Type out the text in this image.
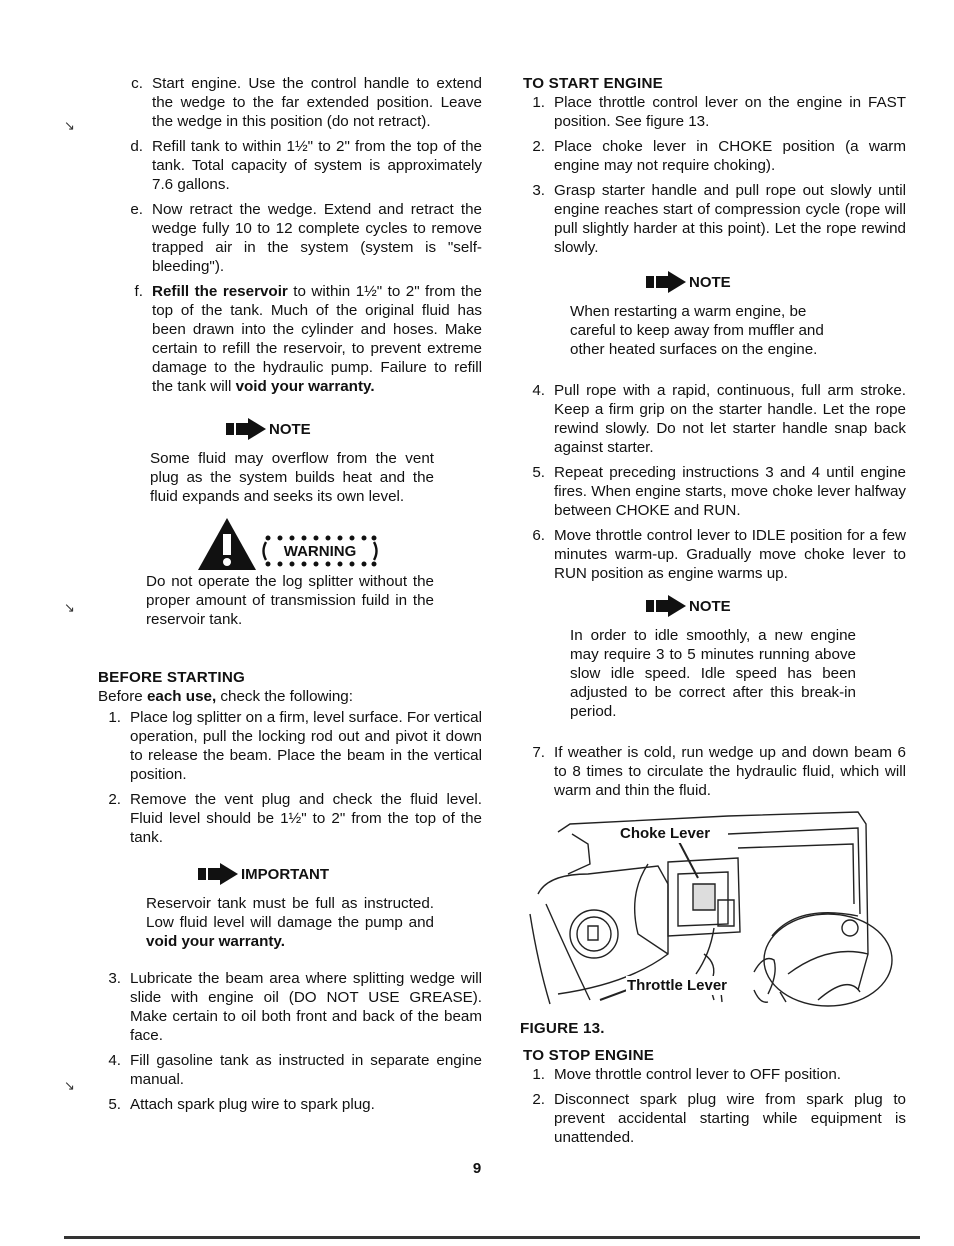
↘
↘
↘
c. Start engine. Use the control handle to extend the wedge to the far extended position. Leave the wedge in this position (do not retract).
d. Refill tank to within 1½" to 2" from the top of the tank. Total capacity of system is approximately 7.6 gallons.
e. Now retract the wedge. Extend and retract the wedge fully 10 to 12 complete cycles to remove trapped air in the system (system is "self-bleeding").
f. Refill the reservoir to within 1½" to 2" from the top of the tank. Much of the original fluid has been drawn into the cylinder and hoses. Make certain to refill the reservoir, to prevent extreme damage to the hydraulic pump. Failure to refill the tank will void your warranty.
NOTE
Some fluid may overflow from the vent plug as the system builds heat and the fluid expands and seeks its own level.
WARNING
Do not operate the log splitter without the proper amount of transmission fuild in the reservoir tank.
BEFORE STARTING
Before each use, check the following:
1. Place log splitter on a firm, level surface. For vertical operation, pull the locking rod out and pivot it down to release the beam. Place the beam in the vertical position.
2. Remove the vent plug and check the fluid level. Fluid level should be 1½" to 2" from the top of the tank.
IMPORTANT
Reservoir tank must be full as instructed. Low fluid level will damage the pump and void your warranty.
3. Lubricate the beam area where splitting wedge will slide with engine oil (DO NOT USE GREASE). Make certain to oil both front and back of the beam face.
4. Fill gasoline tank as instructed in separate engine manual.
5. Attach spark plug wire to spark plug.
TO START ENGINE
1. Place throttle control lever on the engine in FAST position. See figure 13.
2. Place choke lever in CHOKE position (a warm engine may not require choking).
3. Grasp starter handle and pull rope out slowly until engine reaches start of compression cycle (rope will pull slightly harder at this point). Let the rope rewind slowly.
NOTE
When restarting a warm engine, be careful to keep away from muffler and other heated surfaces on the engine.
4. Pull rope with a rapid, continuous, full arm stroke. Keep a firm grip on the starter handle. Let the rope rewind slowly. Do not let starter handle snap back against starter.
5. Repeat preceding instructions 3 and 4 until engine fires. When engine starts, move choke lever halfway between CHOKE and RUN.
6. Move throttle control lever to IDLE position for a few minutes warm-up. Gradually move choke lever to RUN position as engine warms up.
NOTE
In order to idle smoothly, a new engine may require 3 to 5 minutes running above slow idle speed. Idle speed has been adjusted to be correct after this break-in period.
7. If weather is cold, run wedge up and down beam 6 to 8 times to circulate the hydraulic fluid, which will warm and thin the fluid.
Choke Lever
Throttle Lever
FIGURE 13.
TO STOP ENGINE
1. Move throttle control lever to OFF position.
2. Disconnect spark plug wire from spark plug to prevent accidental starting while equipment is unattended.
9
